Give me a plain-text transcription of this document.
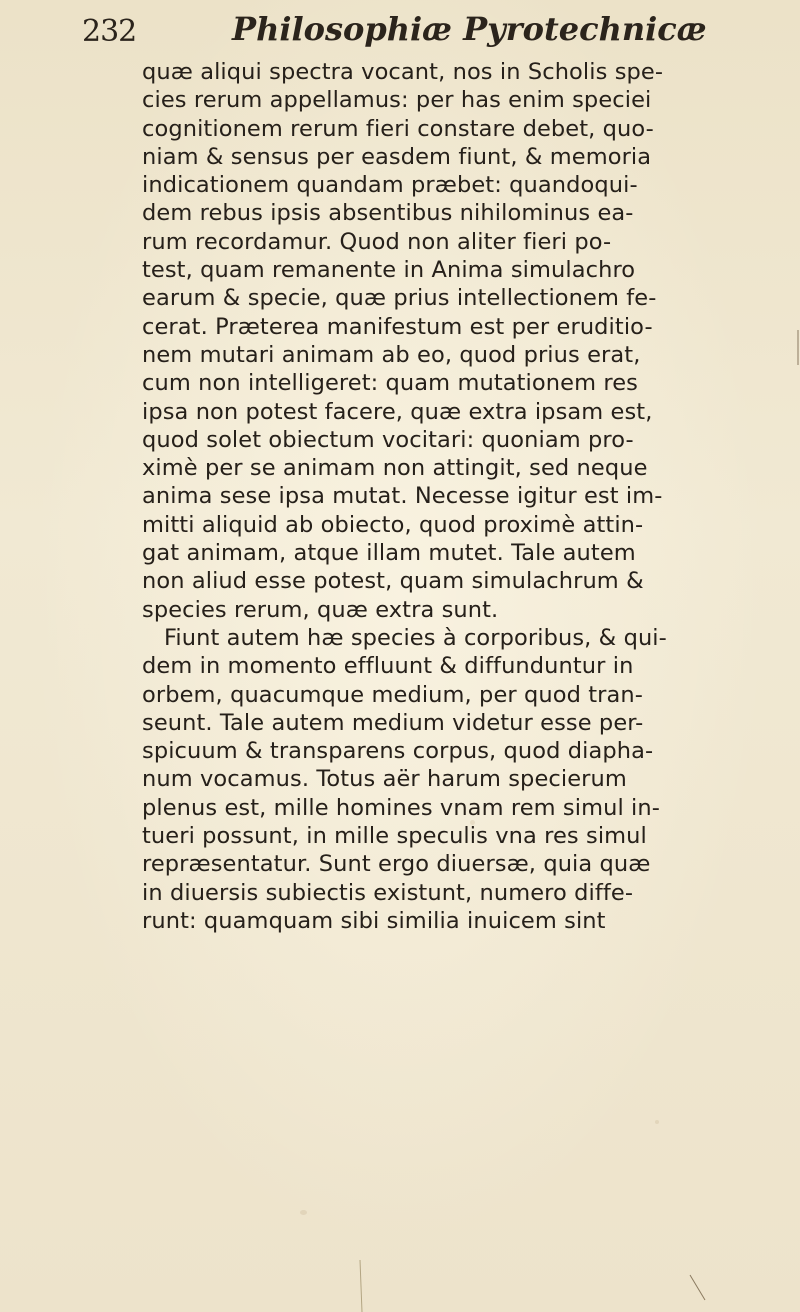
232	Philosophiæ Pyrotechnicæ
quæ aliqui spectra vocant, nos in Scholis spe-
cies rerum appellamus: per has enim speciei
cognitionem rerum fieri constare debet, quo-
niam & sensus per easdem fiunt, & memoria
indicationem quandam præbet: quandoqui-
dem rebus ipsis absentibus nihilominus ea-
rum recordamur. Quod non aliter fieri po-
test, quam remanente in Anima simulachro
earum & specie, quæ prius intellectionem fe-
cerat. Præterea manifestum est per eruditio-
nem mutari animam ab eo, quod prius erat,
cum non intelligeret: quam mutationem res
ipsa non potest facere, quæ extra ipsam est,
quod solet obiectum vocitari: quoniam pro-
ximè per se animam non attingit, sed neque
anima sese ipsa mutat. Necesse igitur est im-
mitti aliquid ab obiecto, quod proximè attin-
gat animam, atque illam mutet. Tale autem
non aliud esse potest, quam simulachrum &
species rerum, quæ extra sunt.
Fiunt autem hæ species à corporibus, & qui-
dem in momento effluunt & diffunduntur in
orbem, quacumque medium, per quod tran-
seunt. Tale autem medium videtur esse per-
spicuum & transparens corpus, quod diapha-
num vocamus. Totus aër harum specierum
plenus est, mille homines vnam rem simul in-
tueri possunt, in mille speculis vna res simul
repræsentatur. Sunt ergo diuersæ, quia quæ
in diuersis subiectis existunt, numero diffe-
runt: quamquam sibi similia inuicem sint
